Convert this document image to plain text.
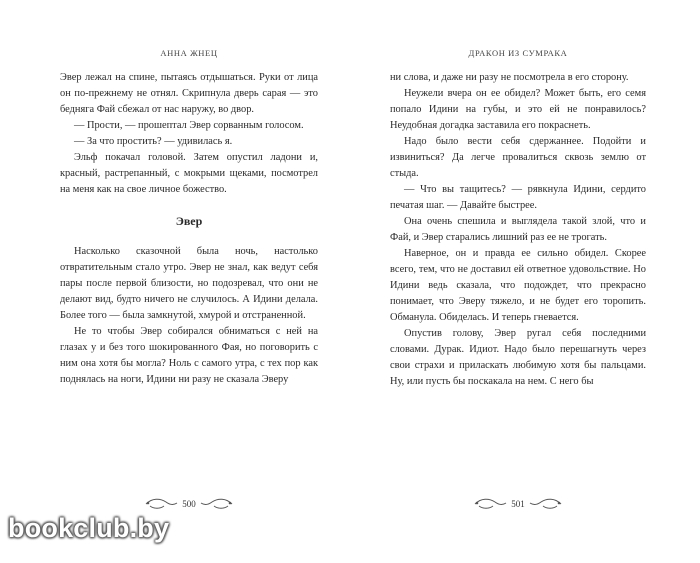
АННА ЖНЕЦ

Эвер лежал на спине, пытаясь отдышаться. Руки от лица он по-прежнему не отнял. Скрипнула дверь сарая — это бедняга Фай сбежал от нас наружу, во двор.

— Прости, — прошептал Эвер сорванным голосом.

— За что простить? — удивилась я.

Эльф покачал головой. Затем опустил ладони и, красный, растрепанный, с мокрыми щеками, посмотрел на меня как на свое личное божество.

Эвер

Насколько сказочной была ночь, настолько отвратительным стало утро. Эвер не знал, как ведут себя пары после первой близости, но подозревал, что они не делают вид, будто ничего не случилось. А Идини делала. Более того — была замкнутой, хмурой и отстраненной.

Не то чтобы Эвер собирался обниматься с ней на глазах у и без того шокированного Фая, но поговорить с ним она хотя бы могла? Ноль с самого утра, с тех пор как поднялась на ноги, Идини ни разу не сказала Эверу

500
ДРАКОН ИЗ СУМРАКА

ни слова, и даже ни разу не посмотрела в его сторону.

Неужели вчера он ее обидел? Может быть, его семя попало Идини на губы, и это ей не понравилось? Неудобная догадка заставила его покраснеть.

Надо было вести себя сдержаннее. Подойти и извиниться? Да легче провалиться сквозь землю от стыда.

— Что вы тащитесь? — рявкнула Идини, сердито печатая шаг. — Давайте быстрее.

Она очень спешила и выглядела такой злой, что и Фай, и Эвер старались лишний раз ее не трогать.

Наверное, он и правда ее сильно обидел. Скорее всего, тем, что не доставил ей ответное удовольствие. Но Идини ведь сказала, что подождет, что прекрасно понимает, что Эверу тяжело, и не будет его торопить. Обманула. Обиделась. И теперь гневается.

Опустив голову, Эвер ругал себя последними словами. Дурак. Идиот. Надо было перешагнуть через свои страхи и приласкать любимую хотя бы пальцами. Ну, или пусть бы поскакала на нем. С него бы

501
bookclub.by
